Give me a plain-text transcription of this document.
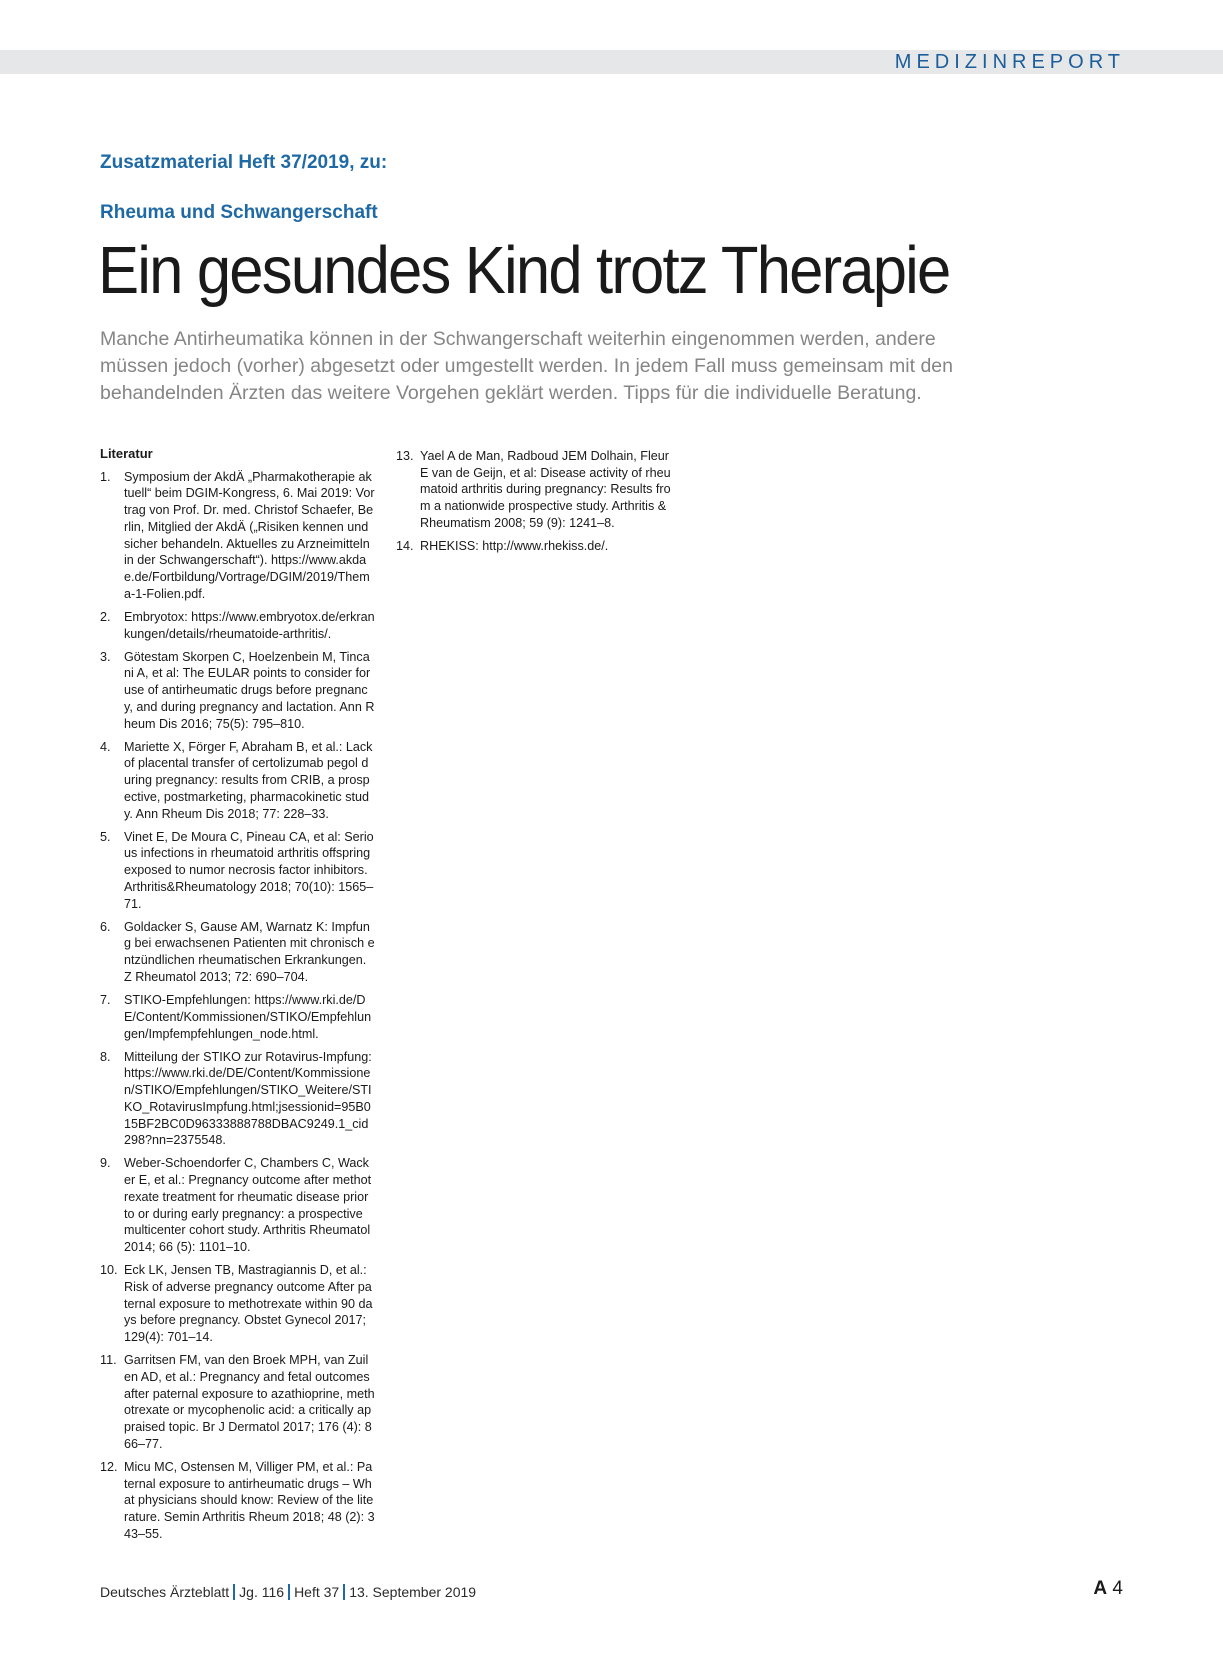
MEDIZINREPORT
Zusatzmaterial Heft 37/2019, zu:
Rheuma und Schwangerschaft
Ein gesundes Kind trotz Therapie

Manche Antirheumatika können in der Schwangerschaft weiterhin eingenommen werden, andere müssen jedoch (vorher) abgesetzt oder umgestellt werden. In jedem Fall muss gemeinsam mit den behandelnden Ärzten das weitere Vorgehen geklärt werden. Tipps für die individuelle Beratung.

Literatur
1.	Symposium der AkdÄ „Pharmakotherapie aktuell“ beim DGIM-Kongress, 6. Mai 2019: Vortrag von Prof. Dr. med. Christof Schaefer, Berlin, Mitglied der AkdÄ („Risiken kennen und sicher behandeln. Aktuelles zu Arzneimitteln in der Schwangerschaft“). https://www.akdae.de/Fortbildung/Vortrage/DGIM/2019/Thema-1-Folien.pdf.
2.	Embryotox: https://www.embryotox.de/erkrankungen/details/rheumatoide-arthritis/.
3.	Götestam Skorpen C, Hoelzenbein M, Tincani A, et al: The EULAR points to consider for use of antirheumatic drugs before pregnancy, and during pregnancy and lactation. Ann Rheum Dis 2016; 75(5): 795–810.
4.	Mariette X, Förger F, Abraham B, et al.: Lack of placental transfer of certolizumab pegol during pregnancy: results from CRIB, a prospective, postmarketing, pharmacokinetic study. Ann Rheum Dis 2018; 77: 228–33.
5.	Vinet E, De Moura C, Pineau CA, et al: Serious infections in rheumatoid arthritis offspring exposed to numor necrosis factor inhibitors. Arthritis&Rheumatology 2018; 70(10): 1565–71.
6.	Goldacker S, Gause AM, Warnatz K: Impfung bei erwachsenen Patienten mit chronisch entzündlichen rheumatischen Erkrankungen. Z Rheumatol 2013; 72: 690–704.
7.	STIKO-Empfehlungen: https://www.rki.de/DE/Content/Kommissionen/STIKO/Empfehlungen/Impfempfehlungen_node.html.
8.	Mitteilung der STIKO zur Rotavirus-Impfung: https://www.rki.de/DE/Content/Kommissionen/STIKO/Empfehlungen/STIKO_Weitere/STIKO_RotavirusImpfung.html;jsessionid=95B015BF2BC0D96333888788DBAC9249.1_cid298?nn=2375548.
9.	Weber-Schoendorfer C, Chambers C, Wacker E, et al.: Pregnancy outcome after methotrexate treatment for rheumatic disease prior to or during early pregnancy: a prospective multicenter cohort study. Arthritis Rheumatol 2014; 66 (5): 1101–10.
10. Eck LK, Jensen TB, Mastragiannis D, et al.: Risk of adverse pregnancy outcome After paternal exposure to methotrexate within 90 days before pregnancy. Obstet Gynecol 2017; 129(4): 701–14.
11. Garritsen FM, van den Broek MPH, van Zuilen AD, et al.: Pregnancy and fetal outcomes after paternal exposure to azathioprine, methotrexate or mycophenolic acid: a critically appraised topic. Br J Dermatol 2017; 176 (4): 866–77.
12. Micu MC, Ostensen M, Villiger PM, et al.: Paternal exposure to antirheumatic drugs – What physicians should know: Review of the literature. Semin Arthritis Rheum 2018; 48 (2): 343–55.
13. Yael A de Man, Radboud JEM Dolhain, Fleur E van de Geijn, et al: Disease activity of rheumatoid arthritis during pregnancy: Results from a nationwide prospective study. Arthritis & Rheumatism 2008; 59 (9): 1241–8.
14. RHEKISS: http://www.rhekiss.de/.
Deutsches Ärzteblatt Jg. 116 Heft 37 13. September 2019	A 4
